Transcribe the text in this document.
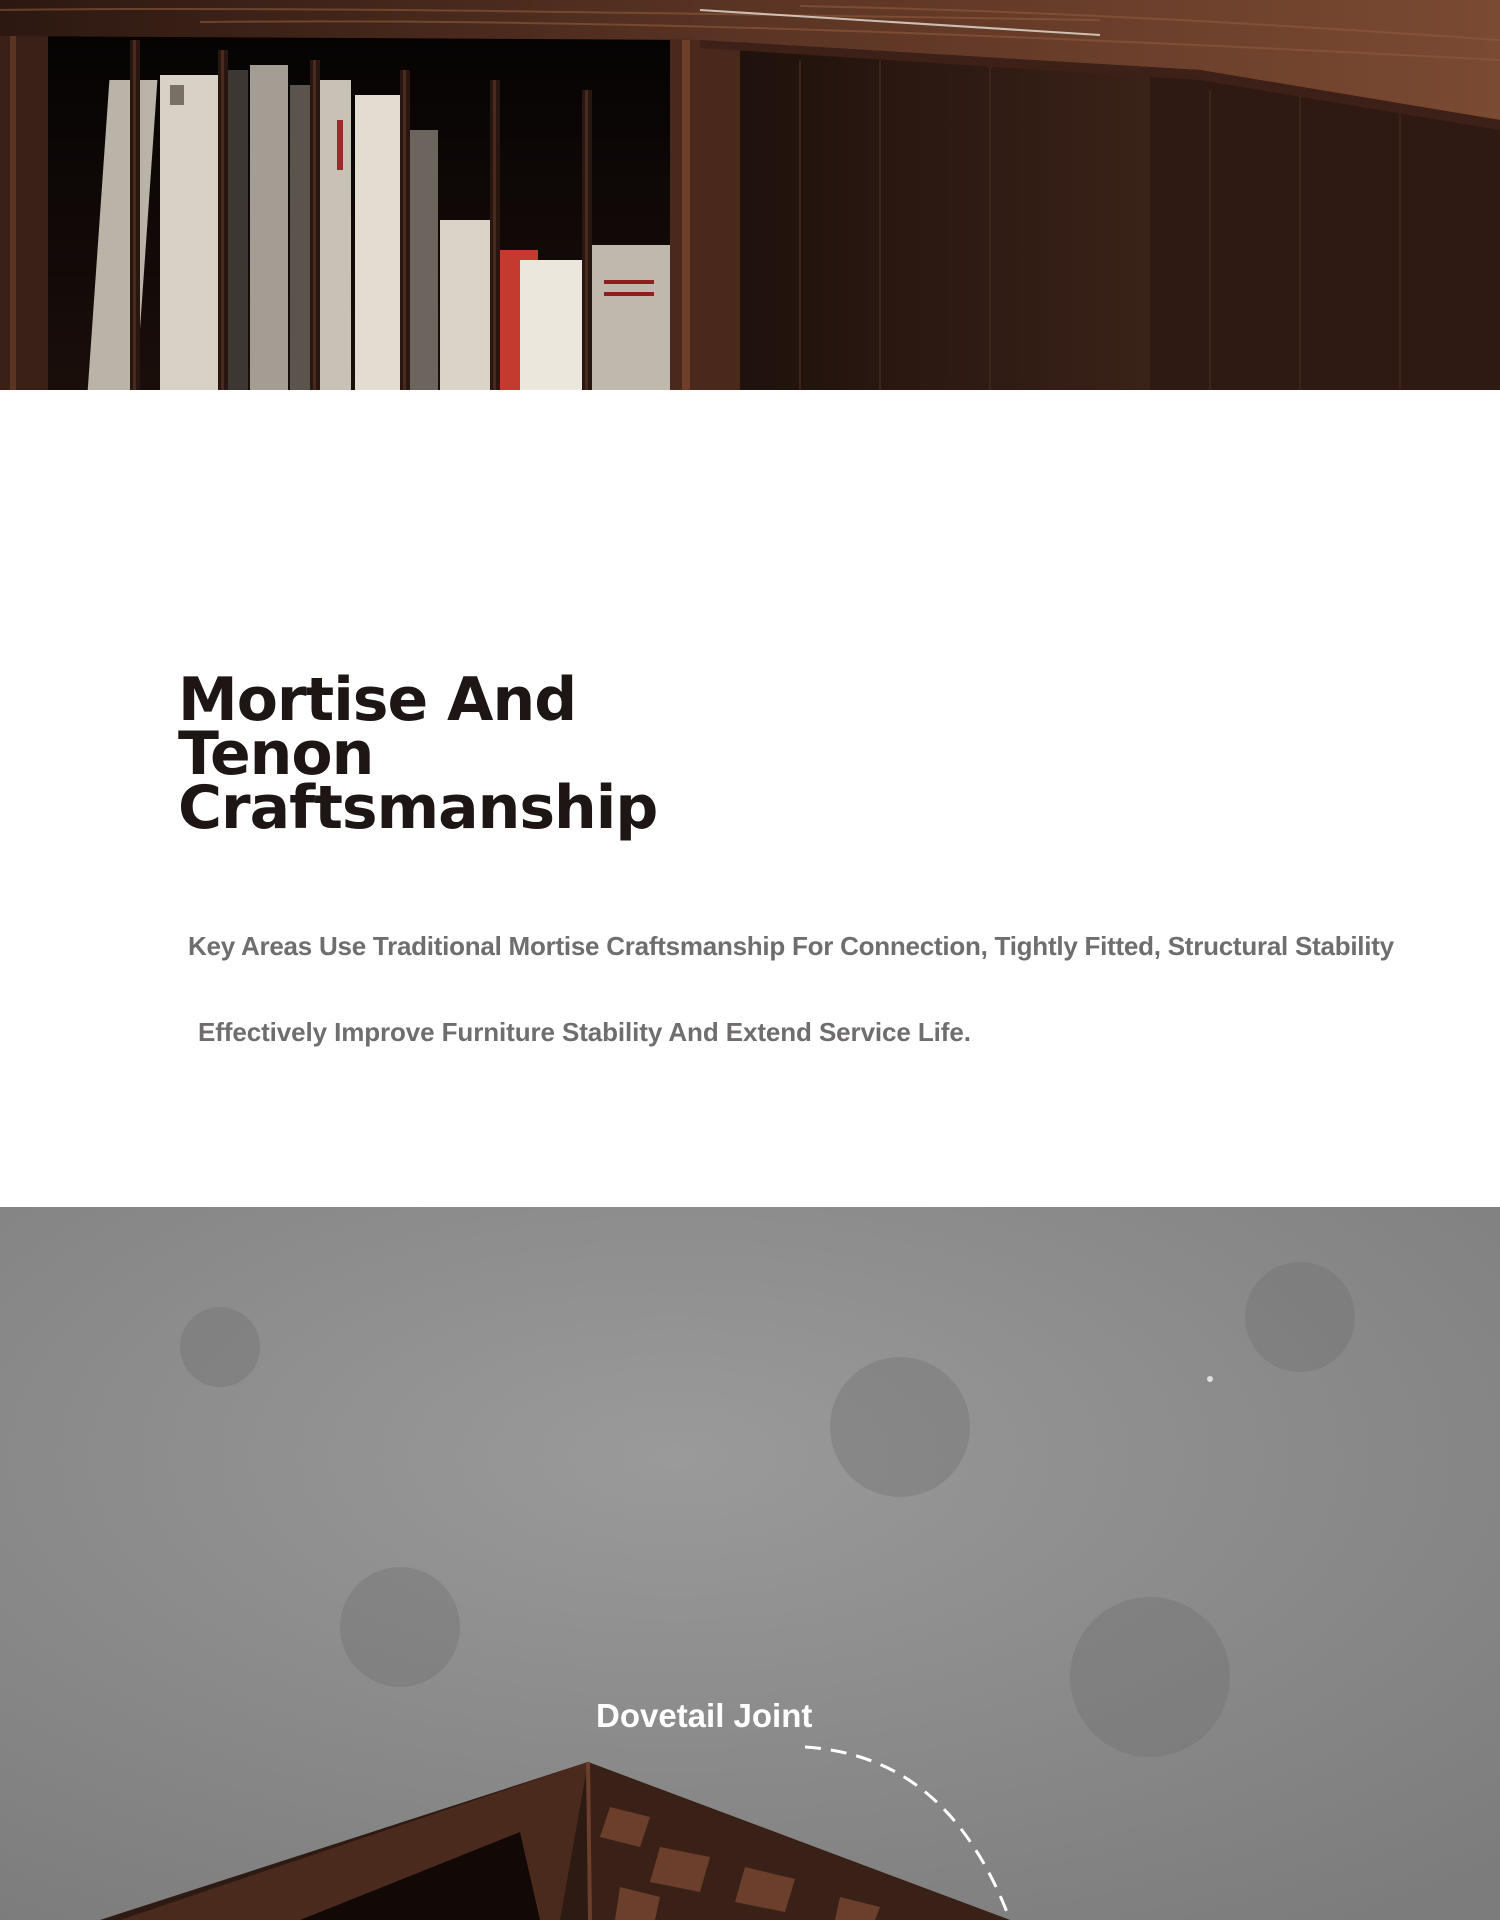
Mortise And
Tenon
Craftsmanship

Key Areas Use Traditional Mortise Craftsmanship For Connection, Tightly Fitted, Structural Stability

Effectively Improve Furniture Stability And Extend Service Life.

Dovetail Joint
